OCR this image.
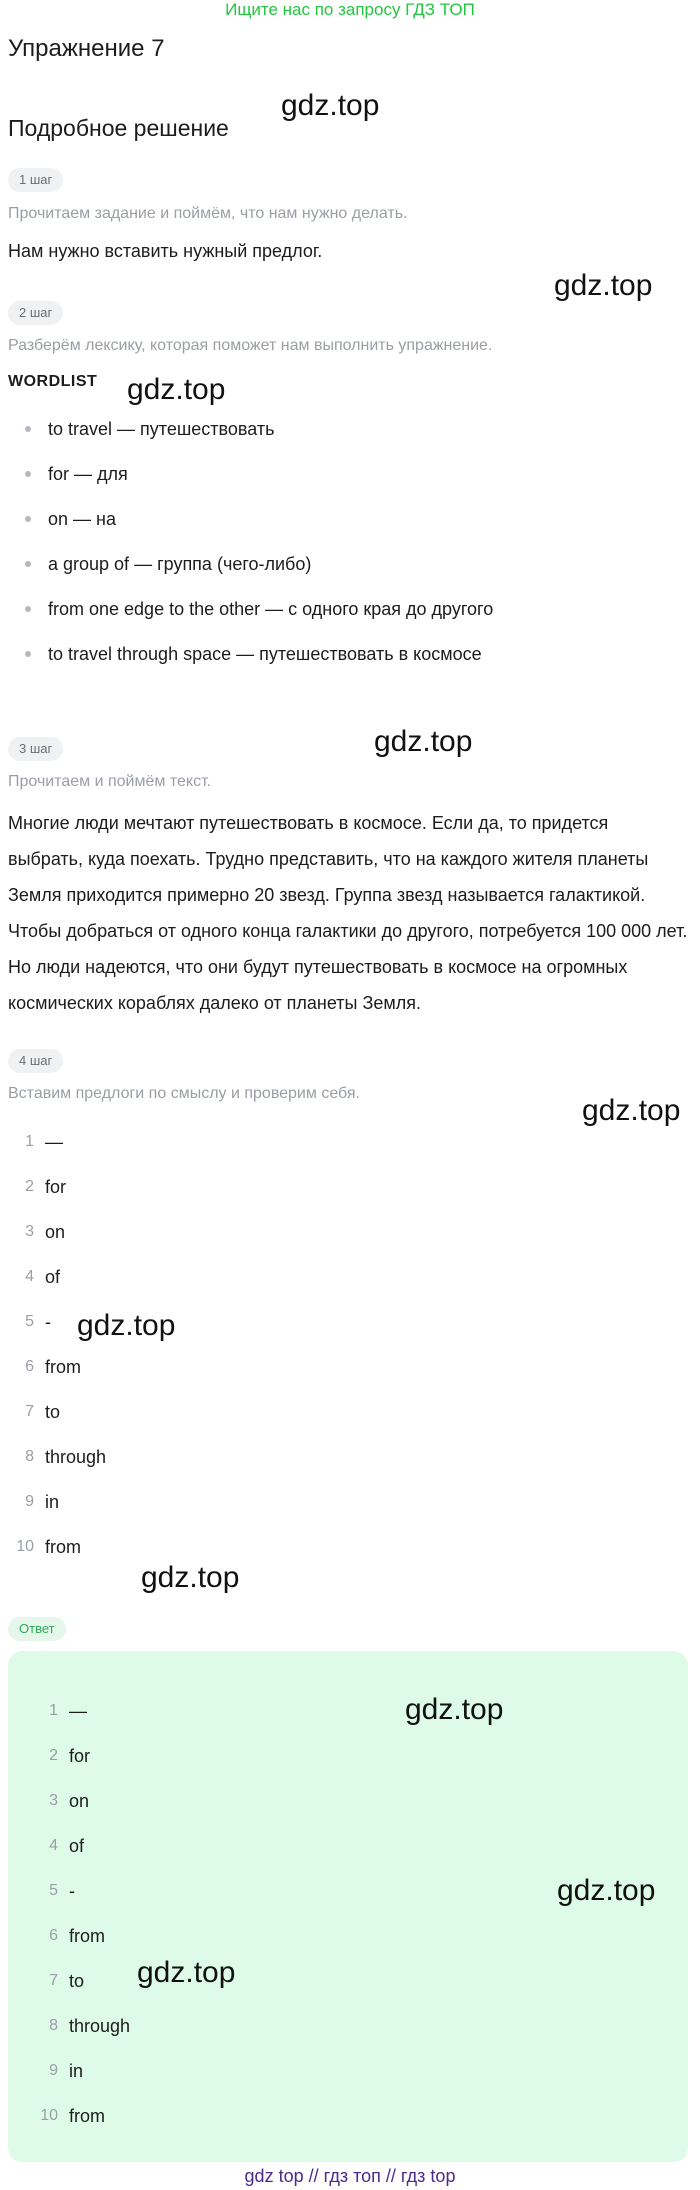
Ищите нас по запросу ГДЗ ТОП
Упражнение 7
Подробное решение
1 шаг
Прочитаем задание и поймём, что нам нужно делать.
Нам нужно вставить нужный предлог.
2 шаг
Разберём лексику, которая поможет нам выполнить упражнение.
WORDLIST
to travel — путешествовать
for — для
on — на
a group of — группа (чего-либо)
from one edge to the other — с одного края до другого
to travel through space — путешествовать в космосе
3 шаг
Прочитаем и поймём текст.
Многие люди мечтают путешествовать в космосе. Если да, то придется выбрать, куда поехать. Трудно представить, что на каждого жителя планеты Земля приходится примерно 20 звезд. Группа звезд называется галактикой. Чтобы добраться от одного конца галактики до другого, потребуется 100 000 лет. Но люди надеются, что они будут путешествовать в космосе на огромных космических кораблях далеко от планеты Земля.
4 шаг
Вставим предлоги по смыслу и проверим себя.
1 —
2 for
3 on
4 of
5 -
6 from
7 to
8 through
9 in
10 from
Ответ
1 —
2 for
3 on
4 of
5 -
6 from
7 to
8 through
9 in
10 from
gdz.top
gdz.top
gdz.top
gdz.top
gdz.top
gdz.top
gdz.top
gdz.top
gdz.top
gdz.top
gdz top // гдз топ // гдз top
